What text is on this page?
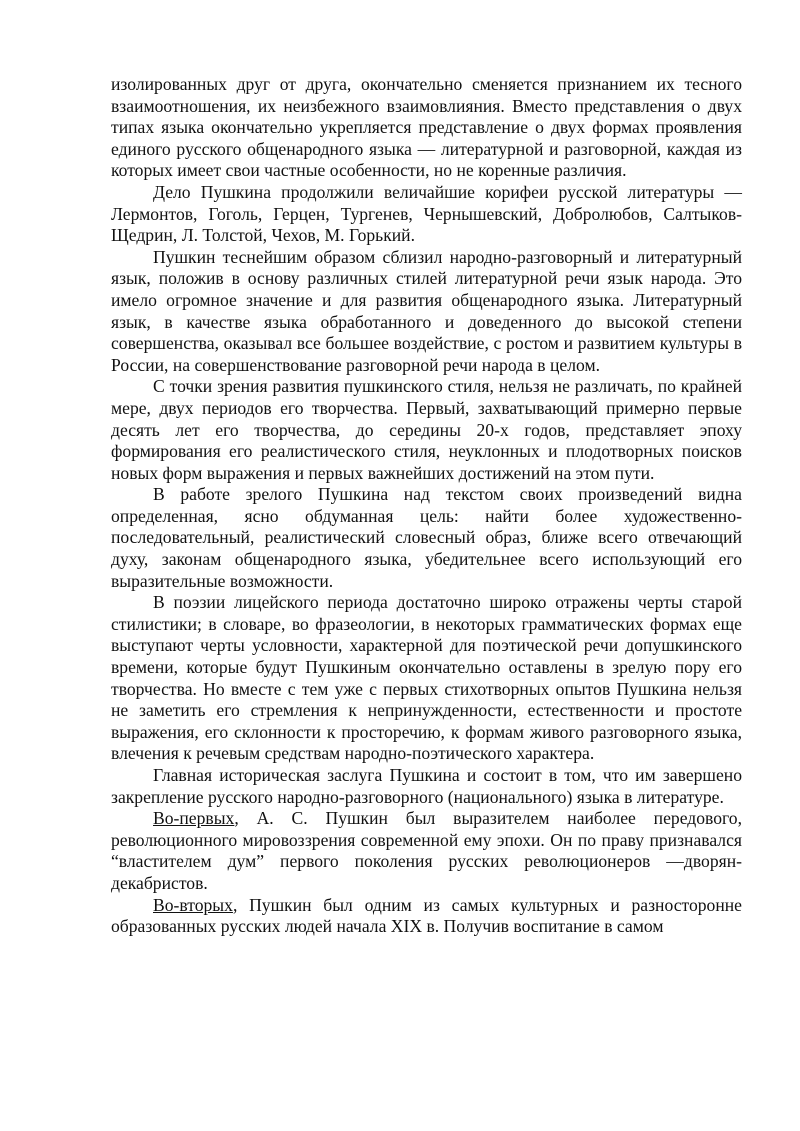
изолированных друг от друга, окончательно сменяется признанием их тесного взаимоотношения, их неизбежного взаимовлияния. Вместо представления о двух типах языка окончательно укрепляется представление о двух формах проявления единого русского общенародного языка — литературной и разговорной, каждая из которых имеет свои частные особенности, но не коренные различия.

Дело Пушкина продолжили величайшие корифеи русской литературы — Лермонтов, Гоголь, Герцен, Тургенев, Чернышевский, Добролюбов, Салтыков-Щедрин, Л. Толстой, Чехов, М. Горький.

Пушкин теснейшим образом сблизил народно-разговорный и литературный язык, положив в основу различных стилей литературной речи язык народа. Это имело огромное значение и для развития общенародного языка. Литературный язык, в качестве языка обработанного и доведенного до высокой степени совершенства, оказывал все большее воздействие, с ростом и развитием культуры в России, на совершенствование разговорной речи народа в целом.

С точки зрения развития пушкинского стиля, нельзя не различать, по крайней мере, двух периодов его творчества. Первый, захватывающий примерно первые десять лет его творчества, до середины 20-х годов, представляет эпоху формирования его реалистического стиля, неуклонных и плодотворных поисков новых форм выражения и первых важнейших достижений на этом пути.

В работе зрелого Пушкина над текстом своих произведений видна определенная, ясно обдуманная цель: найти более художественно-последовательный, реалистический словесный образ, ближе всего отвечающий духу, законам общенародного языка, убедительнее всего использующий его выразительные возможности.

В поэзии лицейского периода достаточно широко отражены черты старой стилистики; в словаре, во фразеологии, в некоторых грамматических формах еще выступают черты условности, характерной для поэтической речи допушкинского времени, которые будут Пушкиным окончательно оставлены в зрелую пору его творчества. Но вместе с тем уже с первых стихотворных опытов Пушкина нельзя не заметить его стремления к непринужденности, естественности и простоте выражения, его склонности к просторечию, к формам живого разговорного языка, влечения к речевым средствам народно-поэтического характера.

Главная историческая заслуга Пушкина и состоит в том, что им завершено закрепление русского народно-разговорного (национального) языка в литературе.

Во-первых, А. С. Пушкин был выразителем наиболее передового, революционного мировоззрения современной ему эпохи. Он по праву признавался “властителем дум” первого поколения русских революционеров —дворян-декабристов.

Во-вторых, Пушкин был одним из самых культурных и разносторонне образованных русских людей начала XIX в. Получив воспитание в самом
